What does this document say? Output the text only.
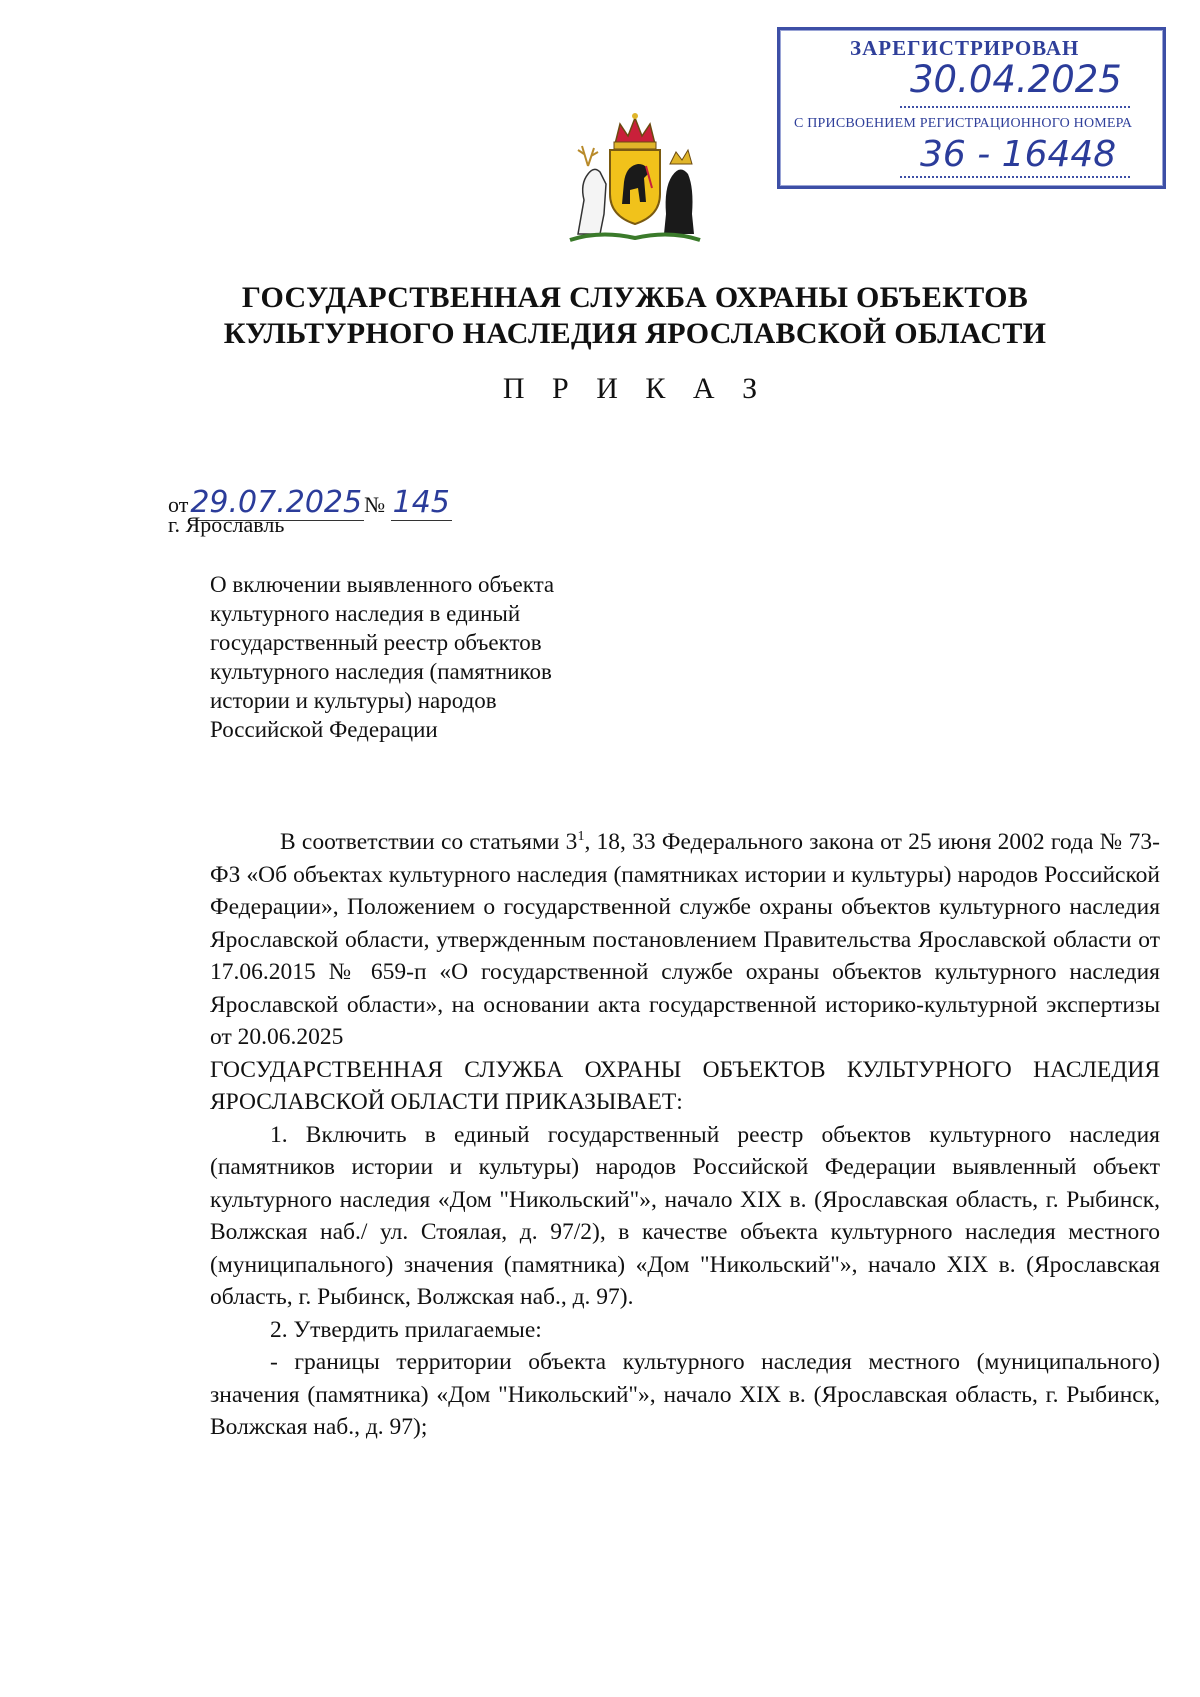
ЗАРЕГИСТРИРОВАН
30.04.2025
С ПРИСВОЕНИЕМ РЕГИСТРАЦИОННОГО НОМЕРА
36 - 16448
ГОСУДАРСТВЕННАЯ СЛУЖБА ОХРАНЫ ОБЪЕКТОВ
КУЛЬТУРНОГО НАСЛЕДИЯ ЯРОСЛАВСКОЙ ОБЛАСТИ
П Р И К А З
от29.07.2025№ 145
г. Ярославль
О включении выявленного объекта
культурного наследия в единый
государственный реестр объектов
культурного наследия (памятников
истории и культуры) народов
Российской Федерации

В соответствии со статьями $3^1$, 18, 33 Федерального закона от 25 июня 2002 года № 73-ФЗ «Об объектах культурного наследия (памятниках истории и культуры) народов Российской Федерации», Положением о государственной службе охраны объектов культурного наследия Ярославской области, утвержденным постановлением Правительства Ярославской области от 17.06.2015 № 659-п «О государственной службе охраны объектов культурного наследия Ярославской области», на основании акта государственной историко-культурной экспертизы от 20.06.2025

ГОСУДАРСТВЕННАЯ СЛУЖБА ОХРАНЫ ОБЪЕКТОВ КУЛЬТУРНОГО НАСЛЕДИЯ ЯРОСЛАВСКОЙ ОБЛАСТИ ПРИКАЗЫВАЕТ:

1. Включить в единый государственный реестр объектов культурного наследия (памятников истории и культуры) народов Российской Федерации выявленный объект культурного наследия «Дом "Никольский"», начало XIX в. (Ярославская область, г. Рыбинск, Волжская наб./ ул. Стоялая, д. 97/2), в качестве объекта культурного наследия местного (муниципального) значения (памятника) «Дом "Никольский"», начало XIX в. (Ярославская область, г. Рыбинск, Волжская наб., д. 97).

2. Утвердить прилагаемые:

- границы территории объекта культурного наследия местного (муниципального) значения (памятника) «Дом "Никольский"», начало XIX в. (Ярославская область, г. Рыбинск, Волжская наб., д. 97);
